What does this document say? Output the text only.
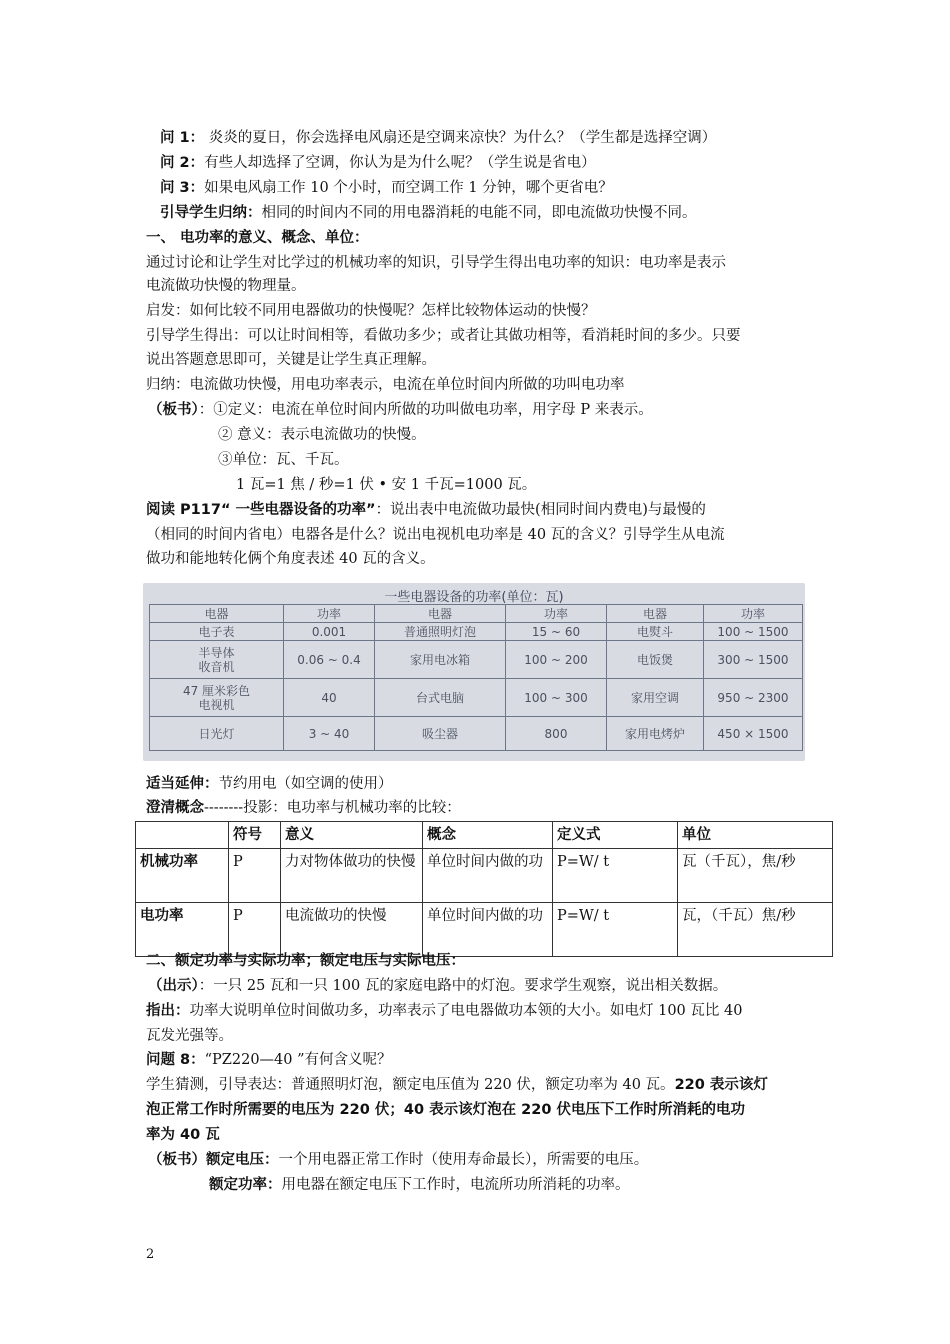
问 1： 炎炎的夏日，你会选择电风扇还是空调来凉快？为什么？（学生都是选择空调）
问 2：有些人却选择了空调，你认为是为什么呢？（学生说是省电）
问 3：如果电风扇工作 10 个小时，而空调工作 1 分钟，哪个更省电？
引导学生归纳：相同的时间内不同的用电器消耗的电能不同，即电流做功快慢不同。
一、 电功率的意义、概念、单位：
通过讨论和让学生对比学过的机械功率的知识，引导学生得出电功率的知识：电功率是表示
电流做功快慢的物理量。
启发：如何比较不同用电器做功的快慢呢？怎样比较物体运动的快慢？
引导学生得出：可以让时间相等，看做功多少；或者让其做功相等，看消耗时间的多少。只要
说出答题意思即可，关键是让学生真正理解。
归纳：电流做功快慢，用电功率表示，电流在单位时间内所做的功叫电功率
（板书）：①定义：电流在单位时间内所做的功叫做电功率，用字母 P 来表示。
② 意义：表示电流做功的快慢。
③单位：瓦、千瓦。
1 瓦=1 焦 / 秒=1 伏 • 安 1 千瓦=1000 瓦。
阅读 P117“ 一些电器设备的功率”：说出表中电流做功最快(相同时间内费电)与最慢的
（相同的时间内省电）电器各是什么？说出电视机电功率是 40 瓦的含义？引导学生从电流
做功和能地转化俩个角度表述 40 瓦的含义。
一些电器设备的功率(单位：瓦)
电器	功率	电器	功率	电器	功率
电子表	0.001	普通照明灯泡	15 ~ 60	电熨斗	100 ~ 1500
半导体
收音机	0.06 ~ 0.4	家用电冰箱	100 ~ 200	电饭煲	300 ~ 1500
47 厘米彩色
电视机	40	台式电脑	100 ~ 300	家用空调	950 ~ 2300
日光灯	3 ~ 40	吸尘器	800	家用电烤炉	450 × 1500
适当延伸：节约用电（如空调的使用）
澄清概念--------投影：电功率与机械功率的比较：
	符号	意义	概念	定义式	单位
机械功率	P	力对物体做功的快慢	单位时间内做的功	P=W/ t	瓦（千瓦），焦/秒
电功率	P	电流做功的快慢	单位时间内做的功	P=W/ t	瓦，（千瓦）焦/秒
二、额定功率与实际功率；额定电压与实际电压：
（出示）：一只 25 瓦和一只 100 瓦的家庭电路中的灯泡。要求学生观察，说出相关数据。
指出：功率大说明单位时间做功多，功率表示了电电器做功本领的大小。如电灯 100 瓦比 40
瓦发光强等。
问题 8：“PZ220—40 ”有何含义呢？
学生猜测，引导表达：普通照明灯泡，额定电压值为 220 伏，额定功率为 40 瓦。220 表示该灯
泡正常工作时所需要的电压为 220 伏；40 表示该灯泡在 220 伏电压下工作时所消耗的电功
率为 40 瓦
（板书）额定电压：一个用电器正常工作时（使用寿命最长），所需要的电压。
额定功率：用电器在额定电压下工作时，电流所功所消耗的功率。
2
